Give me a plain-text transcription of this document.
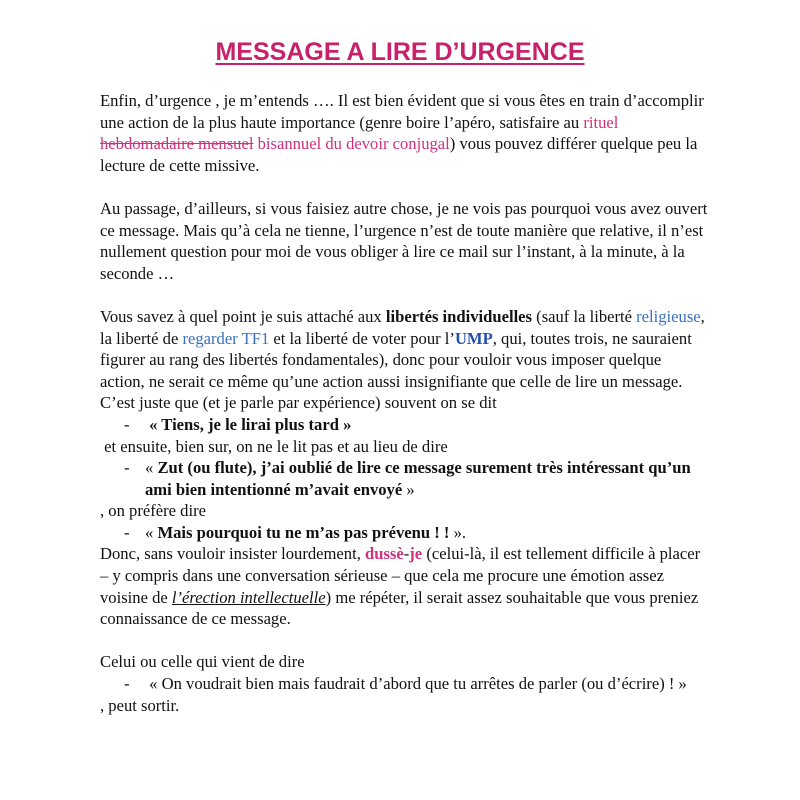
MESSAGE A LIRE D’URGENCE

Enfin, d’urgence , je m’entends …. Il est bien évident que si vous êtes en train d’accomplir une action de la plus haute importance (genre boire l’apéro, satisfaire au rituel hebdomadaire mensuel bisannuel du devoir conjugal) vous pouvez différer quelque peu la lecture de cette missive.

Au passage, d’ailleurs, si vous faisiez autre chose, je ne vois pas pourquoi vous avez ouvert ce message. Mais qu’à cela ne tienne, l’urgence n’est de toute manière que relative, il n’est nullement question pour moi de vous obliger à lire ce mail sur l’instant, à la minute, à la seconde …

Vous savez à quel point je suis attaché aux libertés individuelles (sauf la liberté religieuse, la liberté de regarder TF1 et la liberté de voter pour l’UMP, qui, toutes trois, ne sauraient figurer au rang des libertés fondamentales), donc pour vouloir vous imposer quelque action, ne serait ce même qu’une action aussi insignifiante que celle de lire un message.

C’est juste que (et je parle par expérience) souvent on se dit

- « Tiens, je le lirai plus tard »

et ensuite, bien sur, on ne le lit pas et au lieu de dire

- « Zut (ou flute), j’ai oublié de lire ce message surement très intéressant qu’un ami bien intentionné m’avait envoyé »

, on préfère dire

- « Mais pourquoi tu ne m’as pas prévenu ! ! ».

Donc, sans vouloir insister lourdement, dussè-je (celui-là, il est tellement difficile à placer – y compris dans une conversation sérieuse – que cela me procure une émotion assez voisine de l’érection intellectuelle) me répéter, il serait assez souhaitable que vous preniez connaissance de ce message.

Celui ou celle qui vient de dire

- « On voudrait bien mais faudrait d’abord que tu arrêtes de parler (ou d’écrire) ! »

, peut sortir.
